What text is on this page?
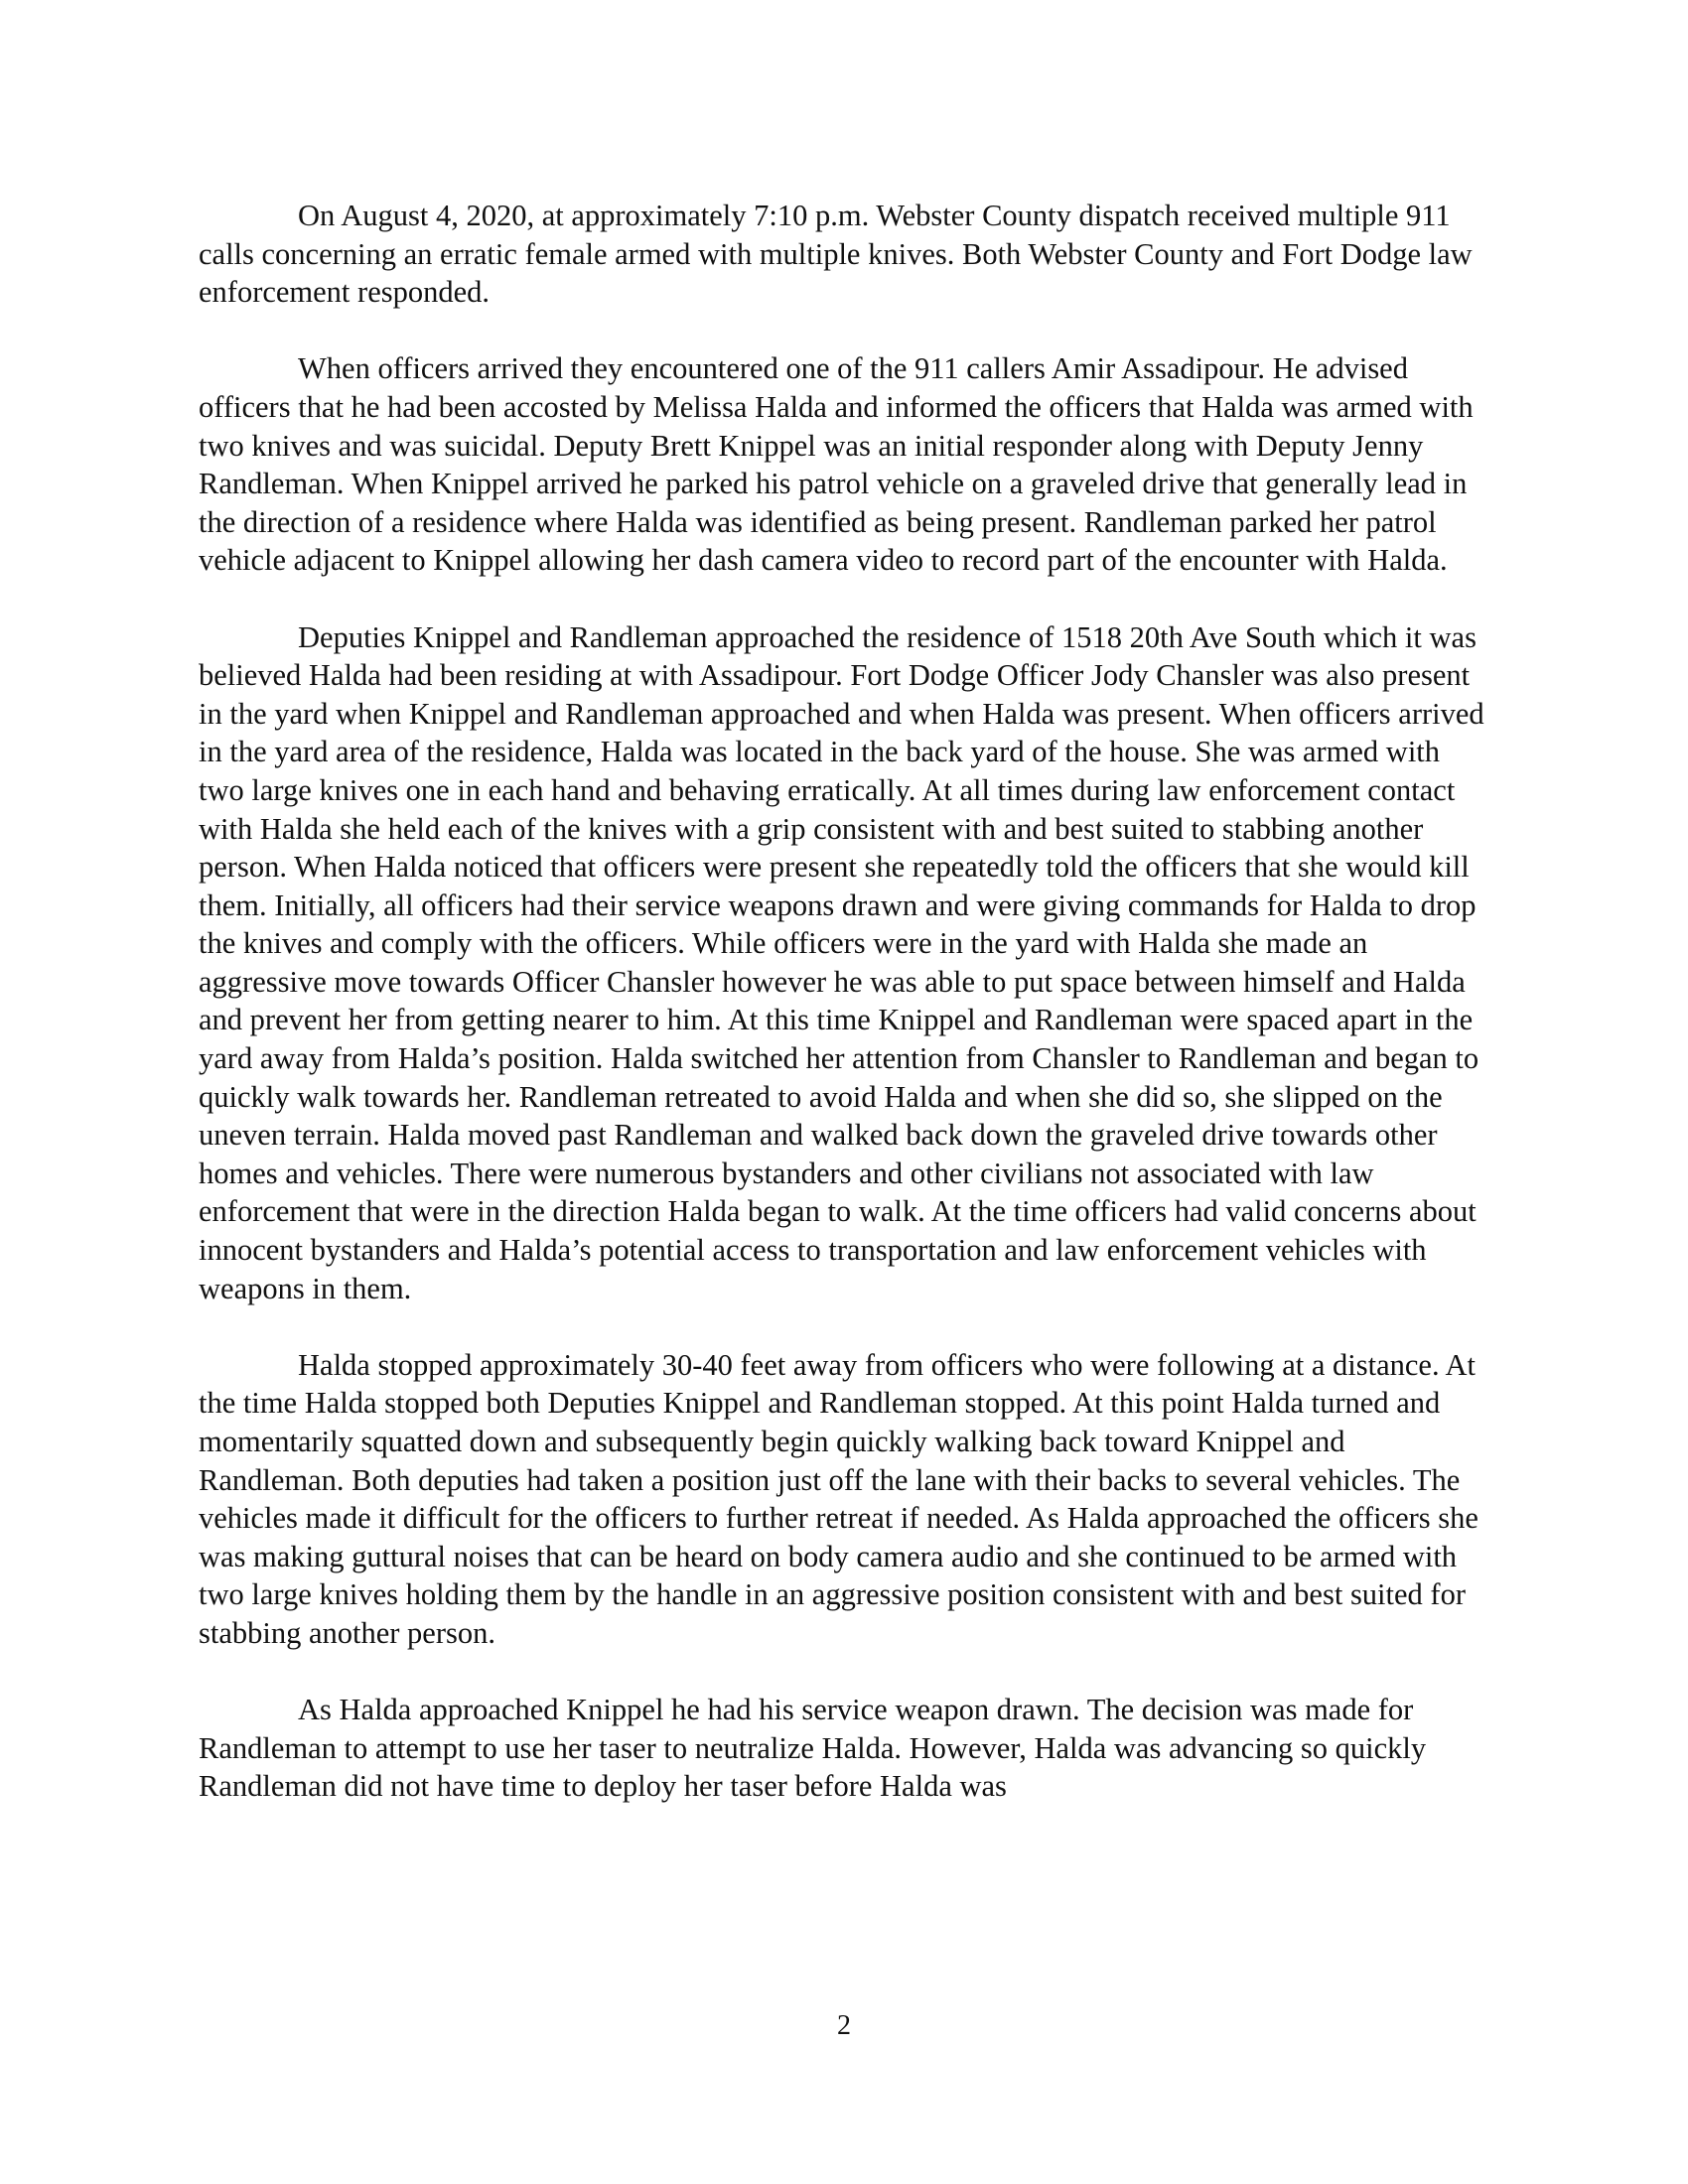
On August 4, 2020, at approximately 7:10 p.m. Webster County dispatch received multiple 911 calls concerning an erratic female armed with multiple knives. Both Webster County and Fort Dodge law enforcement responded.

When officers arrived they encountered one of the 911 callers Amir Assadipour. He advised officers that he had been accosted by Melissa Halda and informed the officers that Halda was armed with two knives and was suicidal. Deputy Brett Knippel was an initial responder along with Deputy Jenny Randleman. When Knippel arrived he parked his patrol vehicle on a graveled drive that generally lead in the direction of a residence where Halda was identified as being present. Randleman parked her patrol vehicle adjacent to Knippel allowing her dash camera video to record part of the encounter with Halda.

Deputies Knippel and Randleman approached the residence of 1518 20th Ave South which it was believed Halda had been residing at with Assadipour. Fort Dodge Officer Jody Chansler was also present in the yard when Knippel and Randleman approached and when Halda was present. When officers arrived in the yard area of the residence, Halda was located in the back yard of the house. She was armed with two large knives one in each hand and behaving erratically. At all times during law enforcement contact with Halda she held each of the knives with a grip consistent with and best suited to stabbing another person. When Halda noticed that officers were present she repeatedly told the officers that she would kill them. Initially, all officers had their service weapons drawn and were giving commands for Halda to drop the knives and comply with the officers. While officers were in the yard with Halda she made an aggressive move towards Officer Chansler however he was able to put space between himself and Halda and prevent her from getting nearer to him. At this time Knippel and Randleman were spaced apart in the yard away from Halda’s position. Halda switched her attention from Chansler to Randleman and began to quickly walk towards her. Randleman retreated to avoid Halda and when she did so, she slipped on the uneven terrain. Halda moved past Randleman and walked back down the graveled drive towards other homes and vehicles. There were numerous bystanders and other civilians not associated with law enforcement that were in the direction Halda began to walk. At the time officers had valid concerns about innocent bystanders and Halda’s potential access to transportation and law enforcement vehicles with weapons in them.

Halda stopped approximately 30-40 feet away from officers who were following at a distance. At the time Halda stopped both Deputies Knippel and Randleman stopped. At this point Halda turned and momentarily squatted down and subsequently begin quickly walking back toward Knippel and Randleman. Both deputies had taken a position just off the lane with their backs to several vehicles. The vehicles made it difficult for the officers to further retreat if needed. As Halda approached the officers she was making guttural noises that can be heard on body camera audio and she continued to be armed with two large knives holding them by the handle in an aggressive position consistent with and best suited for stabbing another person.

As Halda approached Knippel he had his service weapon drawn. The decision was made for Randleman to attempt to use her taser to neutralize Halda. However, Halda was advancing so quickly Randleman did not have time to deploy her taser before Halda was

2
